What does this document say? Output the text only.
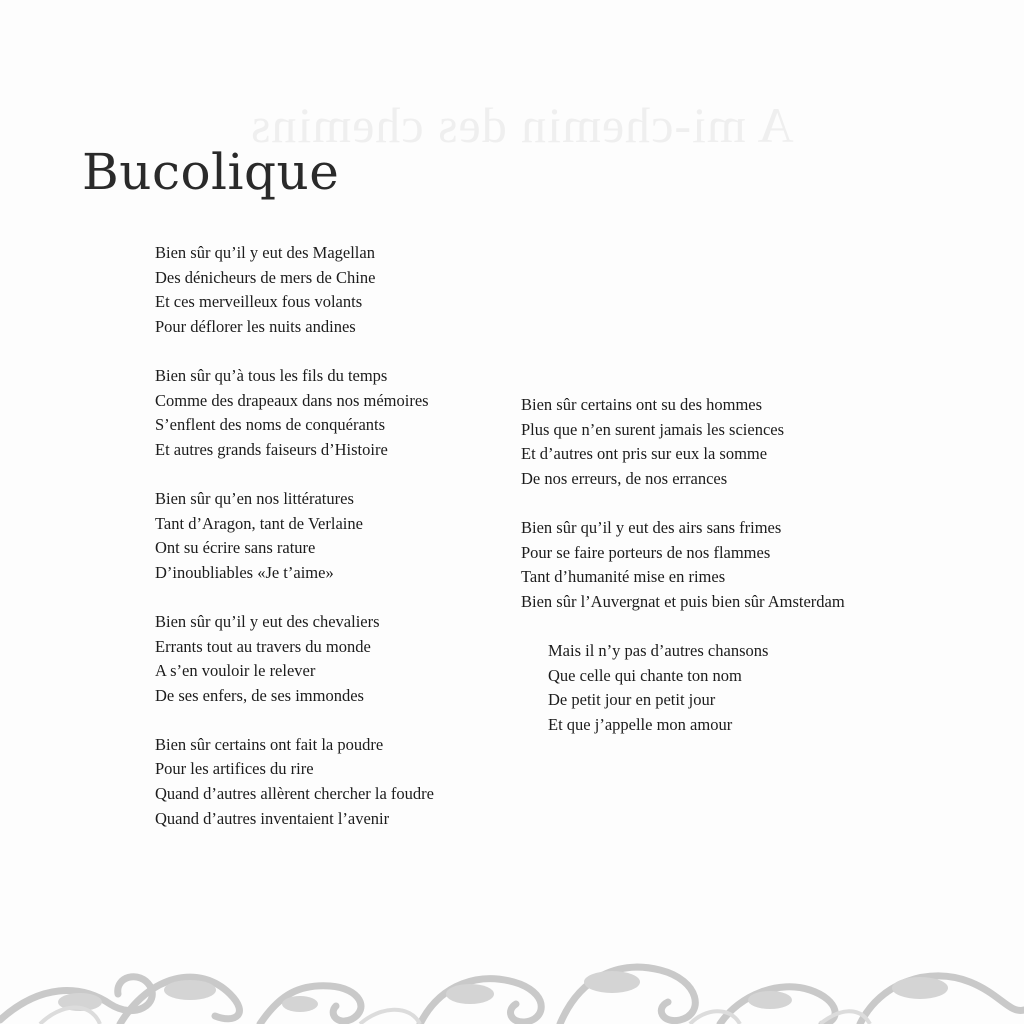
A mi-chemin des chemins
Bucolique

Bien sûr qu’il y eut des Magellan
Des dénicheurs de mers de Chine
Et ces merveilleux fous volants
Pour déflorer les nuits andines

Bien sûr qu’à tous les fils du temps
Comme des drapeaux dans nos mémoires
S’enflent des noms de conquérants
Et autres grands faiseurs d’Histoire

Bien sûr qu’en nos littératures
Tant d’Aragon, tant de Verlaine
Ont su écrire sans rature
D’inoubliables «Je t’aime»

Bien sûr qu’il y eut des chevaliers
Errants tout au travers du monde
A s’en vouloir le relever
De ses enfers, de ses immondes

Bien sûr certains ont fait la poudre
Pour les artifices du rire
Quand d’autres allèrent chercher la foudre
Quand d’autres inventaient l’avenir

Bien sûr certains ont su des hommes
Plus que n’en surent jamais les sciences
Et d’autres ont pris sur eux la somme
De nos erreurs, de nos errances

Bien sûr qu’il y eut des airs sans frimes
Pour se faire porteurs de nos flammes
Tant d’humanité mise en rimes
Bien sûr l’Auvergnat et puis bien sûr Amsterdam

Mais il n’y pas d’autres chansons
Que celle qui chante ton nom
De petit jour en petit jour
Et que j’appelle mon amour
